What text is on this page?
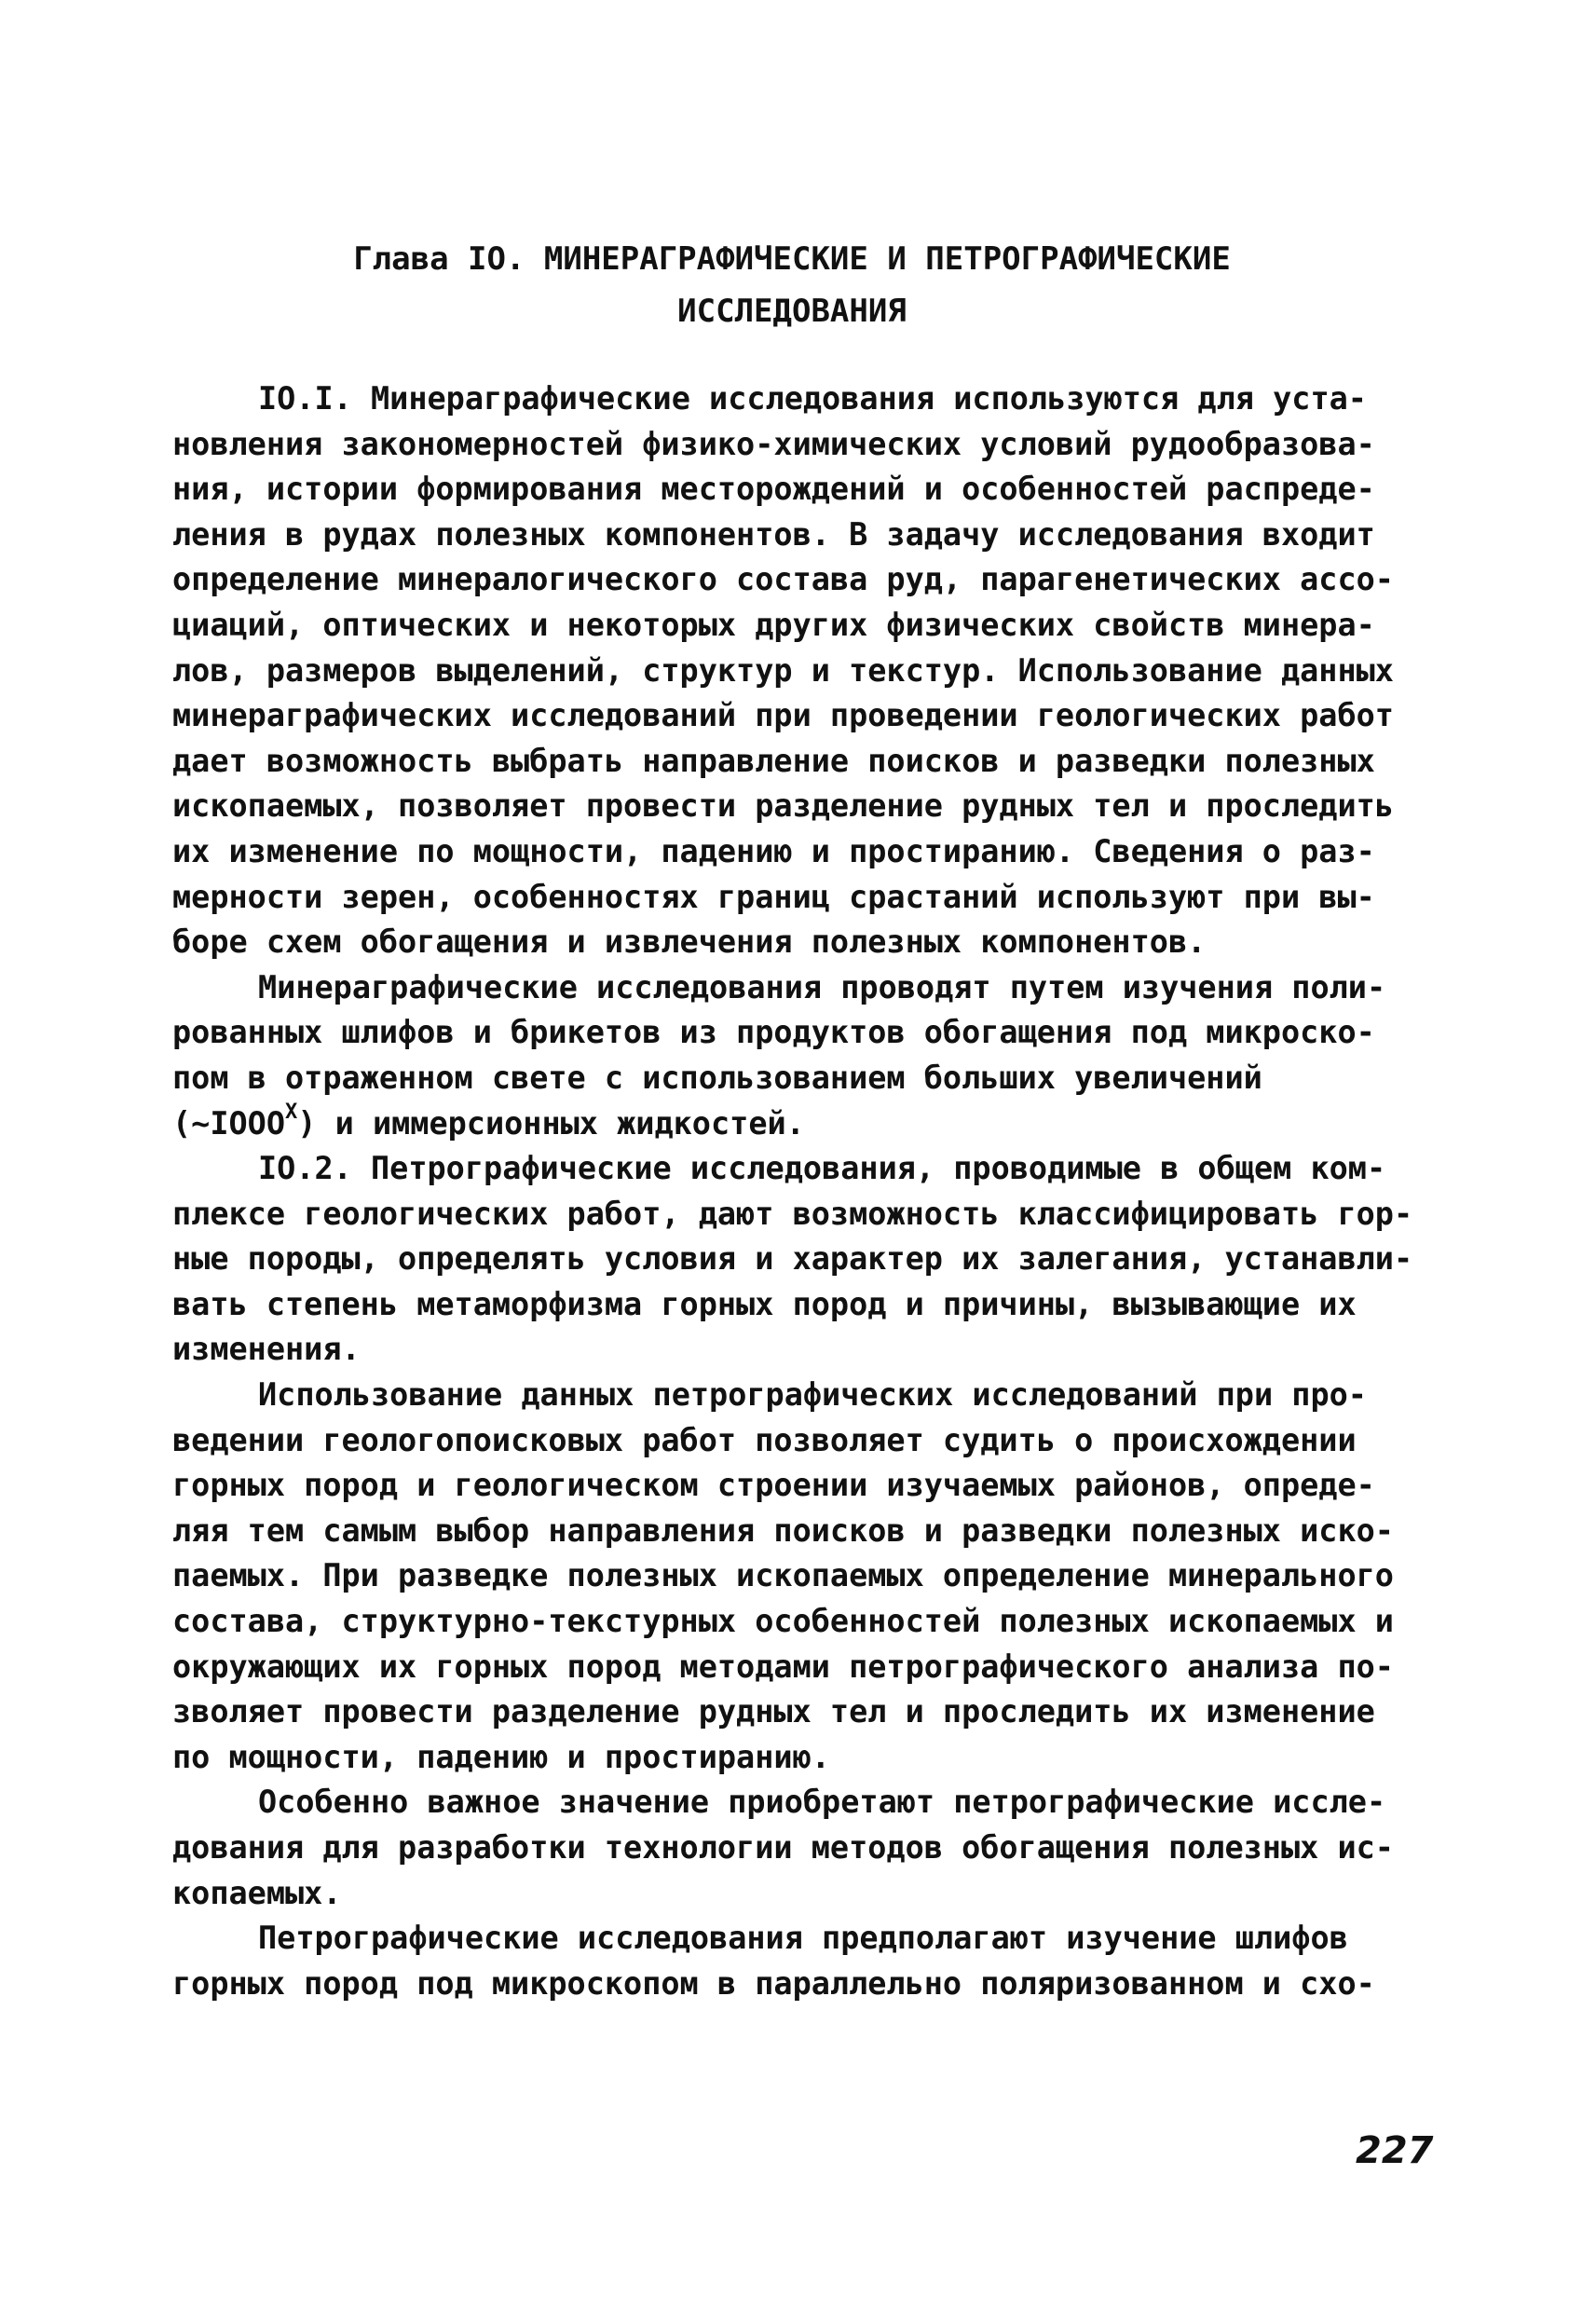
Глава IO. МИНЕРАГРАФИЧЕСКИЕ И ПЕТРОГРАФИЧЕСКИЕ
ИССЛЕДОВАНИЯ
IO.I. Минераграфические исследования используются для уста-
новления закономерностей физико-химических условий рудообразова-
ния, истории формирования месторождений и особенностей распреде-
ления в рудах полезных компонентов. В задачу исследования входит
определение минералогического состава руд, парагенетических ассо-
циаций, оптических и некоторых других физических свойств минера-
лов, размеров выделений, структур и текстур. Использование данных
минераграфических исследований при проведении геологических работ
дает возможность выбрать направление поисков и разведки полезных
ископаемых, позволяет провести разделение рудных тел и проследить
их изменение по мощности, падению и простиранию. Сведения о раз-
мерности зерен, особенностях границ срастаний используют при вы-
боре схем обогащения и извлечения полезных компонентов.
Минераграфические исследования проводят путем изучения поли-
рованных шлифов и брикетов из продуктов обогащения под микроско-
пом в отраженном свете с использованием больших увеличений
$(\sim IOOO^X)$ и иммерсионных жидкостей.
IO.2. Петрографические исследования, проводимые в общем ком-
плексе геологических работ, дают возможность классифицировать гор-
ные породы, определять условия и характер их залегания, устанавли-
вать степень метаморфизма горных пород и причины, вызывающие их
изменения.
Использование данных петрографических исследований при про-
ведении геологопоисковых работ позволяет судить о происхождении
горных пород и геологическом строении изучаемых районов, опреде-
ляя тем самым выбор направления поисков и разведки полезных иско-
паемых. При разведке полезных ископаемых определение минерального
состава, структурно-текстурных особенностей полезных ископаемых и
окружающих их горных пород методами петрографического анализа по-
зволяет провести разделение рудных тел и проследить их изменение
по мощности, падению и простиранию.
Особенно важное значение приобретают петрографические иссле-
дования для разработки технологии методов обогащения полезных ис-
копаемых.
Петрографические исследования предполагают изучение шлифов
горных пород под микроскопом в параллельно поляризованном и схо-
227
